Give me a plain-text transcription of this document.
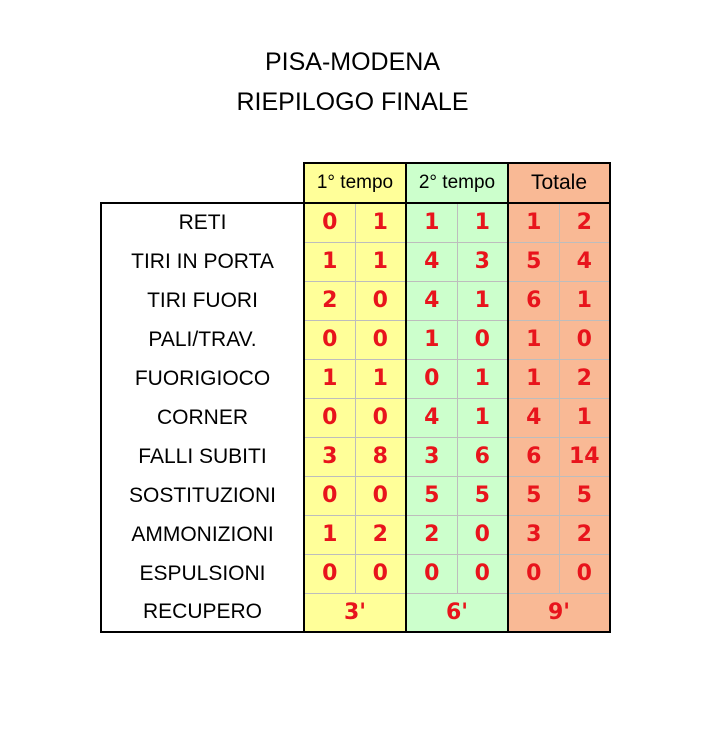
PISA-MODENA
RIEPILOGO FINALE
	1° tempo		2° tempo		Totale	
RETI	0	1	1	1	1	2
TIRI IN PORTA	1	1	4	3	5	4
TIRI FUORI	2	0	4	1	6	1
PALI/TRAV.	0	0	1	0	1	0
FUORIGIOCO	1	1	0	1	1	2
CORNER	0	0	4	1	4	1
FALLI SUBITI	3	8	3	6	6	14
SOSTITUZIONI	0	0	5	5	5	5
AMMONIZIONI	1	2	2	0	3	2
ESPULSIONI	0	0	0	0	0	0
RECUPERO	3'		6'		9'	
